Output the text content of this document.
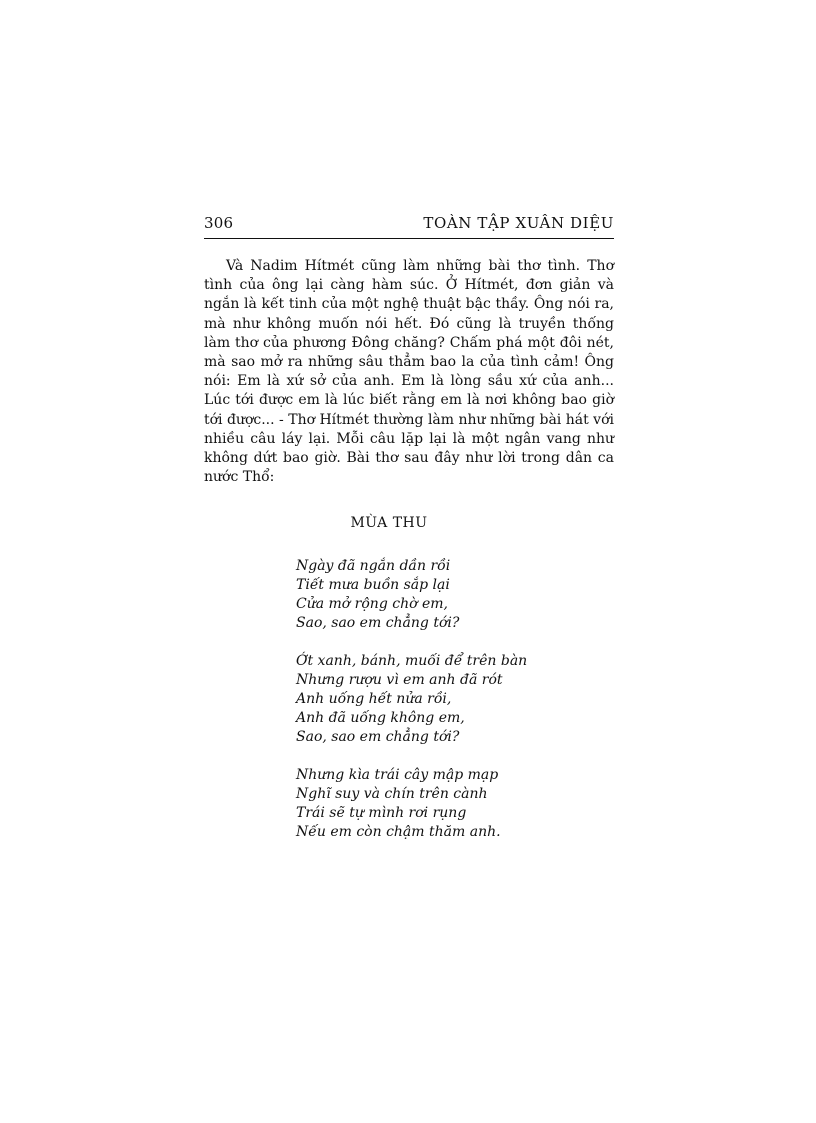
306	TOÀN TẬP XUÂN DIỆU

Và Nadim Hítmét cũng làm những bài thơ tình. Thơ tình của ông lại càng hàm súc. Ở Hítmét, đơn giản và ngắn là kết tinh của một nghệ thuật bậc thầy. Ông nói ra, mà như không muốn nói hết. Đó cũng là truyền thống làm thơ của phương Đông chăng? Chấm phá một đôi nét, mà sao mở ra những sâu thẳm bao la của tình cảm! Ông nói: Em là xứ sở của anh. Em là lòng sầu xứ của anh... Lúc tới được em là lúc biết rằng em là nơi không bao giờ tới được... - Thơ Hítmét thường làm như những bài hát với nhiều câu láy lại. Mỗi câu lặp lại là một ngân vang như không dứt bao giờ. Bài thơ sau đây như lời trong dân ca nước Thổ:

MÙA THU
Ngày đã ngắn dần rồi
Tiết mưa buồn sắp lại
Cửa mở rộng chờ em,
Sao, sao em chẳng tới?
Ớt xanh, bánh, muối để trên bàn
Nhưng rượu vì em anh đã rót
Anh uống hết nửa rồi,
Anh đã uống không em,
Sao, sao em chẳng tới?
Nhưng kìa trái cây mập mạp
Nghĩ suy và chín trên cành
Trái sẽ tự mình rơi rụng
Nếu em còn chậm thăm anh.
